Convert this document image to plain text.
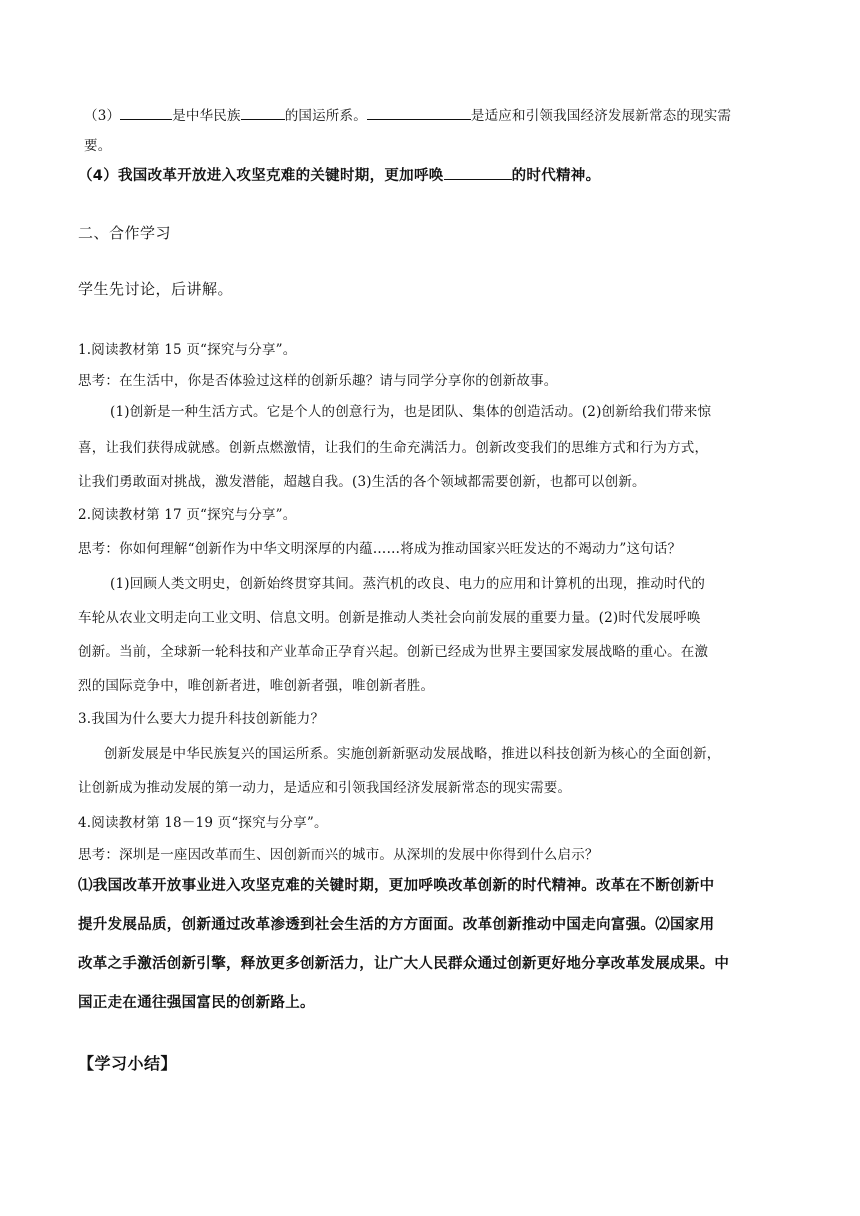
（3）	是中华民族	的国运所系。	是适应和引领我国经济发展新常态的现实需
要。
（4）我国改革开放进入攻坚克难的关键时期，更加呼唤	的时代精神。
二、合作学习
学生先讨论，后讲解。
1.阅读教材第 15 页“探究与分享”。
思考：在生活中，你是否体验过这样的创新乐趣？请与同学分享你的创新故事。
(1)创新是一种生活方式。它是个人的创意行为，也是团队、集体的创造活动。(2)创新给我们带来惊
喜，让我们获得成就感。创新点燃激情，让我们的生命充满活力。创新改变我们的思维方式和行为方式，
让我们勇敢面对挑战，激发潜能，超越自我。(3)生活的各个领域都需要创新，也都可以创新。
2.阅读教材第 17 页“探究与分享”。
思考：你如何理解“创新作为中华文明深厚的内蕴……将成为推动国家兴旺发达的不竭动力”这句话？
(1)回顾人类文明史，创新始终贯穿其间。蒸汽机的改良、电力的应用和计算机的出现，推动时代的
车轮从农业文明走向工业文明、信息文明。创新是推动人类社会向前发展的重要力量。(2)时代发展呼唤
创新。当前，全球新一轮科技和产业革命正孕育兴起。创新已经成为世界主要国家发展战略的重心。在激
烈的国际竞争中，唯创新者进，唯创新者强，唯创新者胜。
3.我国为什么要大力提升科技创新能力？
创新发展是中华民族复兴的国运所系。实施创新新驱动发展战略，推进以科技创新为核心的全面创新，
让创新成为推动发展的第一动力，是适应和引领我国经济发展新常态的现实需要。
4.阅读教材第 18－19 页“探究与分享”。
思考：深圳是一座因改革而生、因创新而兴的城市。从深圳的发展中你得到什么启示？
⑴我国改革开放事业进入攻坚克难的关键时期，更加呼唤改革创新的时代精神。改革在不断创新中
提升发展品质，创新通过改革渗透到社会生活的方方面面。改革创新推动中国走向富强。⑵国家用
改革之手激活创新引擎，释放更多创新活力，让广大人民群众通过创新更好地分享改革发展成果。中
国正走在通往强国富民的创新路上。
【学习小结】
